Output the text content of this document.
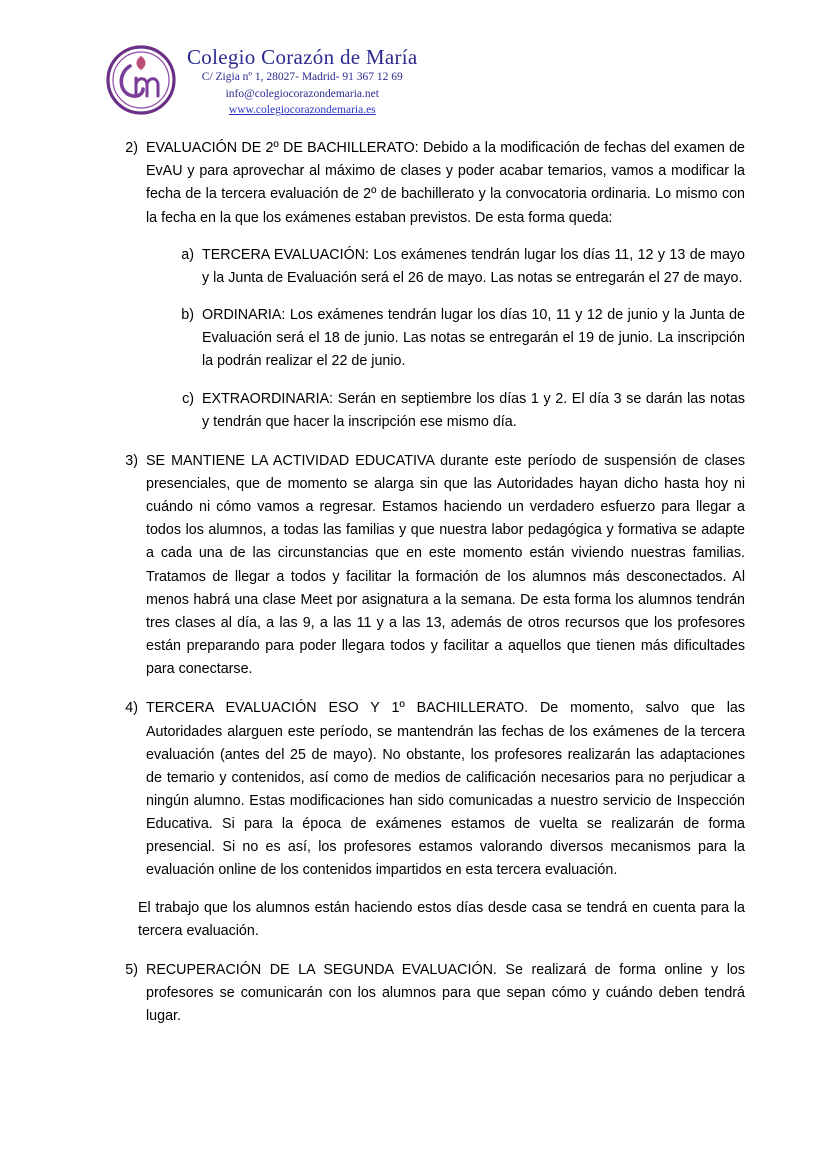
Colegio Corazón de María
C/ Zigia nº 1, 28027- Madrid- 91 367 12 69
info@colegiocorazondemaria.net
www.colegiocorazondemaria.es
2) EVALUACIÓN DE 2º DE BACHILLERATO: Debido a la modificación de fechas del examen de EvAU y para aprovechar al máximo de clases y poder acabar temarios, vamos a modificar la fecha de la tercera evaluación de 2º de bachillerato y la convocatoria ordinaria. Lo mismo con la fecha en la que los exámenes estaban previstos. De esta forma queda:
a) TERCERA EVALUACIÓN: Los exámenes tendrán lugar los días 11, 12 y 13 de mayo y la Junta de Evaluación será el 26 de mayo. Las notas se entregarán el 27 de mayo.
b) ORDINARIA: Los exámenes tendrán lugar los días 10, 11 y 12 de junio y la Junta de Evaluación será el 18 de junio. Las notas se entregarán el 19 de junio. La inscripción la podrán realizar el 22 de junio.
c) EXTRAORDINARIA: Serán en septiembre los días 1 y 2. El día 3 se darán las notas y tendrán que hacer la inscripción ese mismo día.
3) SE MANTIENE LA ACTIVIDAD EDUCATIVA durante este período de suspensión de clases presenciales, que de momento se alarga sin que las Autoridades hayan dicho hasta hoy ni cuándo ni cómo vamos a regresar. Estamos haciendo un verdadero esfuerzo para llegar a todos los alumnos, a todas las familias y que nuestra labor pedagógica y formativa se adapte a cada una de las circunstancias que en este momento están viviendo nuestras familias. Tratamos de llegar a todos y facilitar la formación de los alumnos más desconectados. Al menos habrá una clase Meet por asignatura a la semana. De esta forma los alumnos tendrán tres clases al día, a las 9, a las 11 y a las 13, además de otros recursos que los profesores están preparando para poder llegara todos y facilitar a aquellos que tienen más dificultades para conectarse.
4) TERCERA EVALUACIÓN ESO Y 1º BACHILLERATO. De momento, salvo que las Autoridades alarguen este período, se mantendrán las fechas de los exámenes de la tercera evaluación (antes del 25 de mayo). No obstante, los profesores realizarán las adaptaciones de temario y contenidos, así como de medios de calificación necesarios para no perjudicar a ningún alumno. Estas modificaciones han sido comunicadas a nuestro servicio de Inspección Educativa. Si para la época de exámenes estamos de vuelta se realizarán de forma presencial. Si no es así, los profesores estamos valorando diversos mecanismos para la evaluación online de los contenidos impartidos en esta tercera evaluación.
El trabajo que los alumnos están haciendo estos días desde casa se tendrá en cuenta para la tercera evaluación.
5) RECUPERACIÓN DE LA SEGUNDA EVALUACIÓN. Se realizará de forma online y los profesores se comunicarán con los alumnos para que sepan cómo y cuándo deben tendrá lugar.
